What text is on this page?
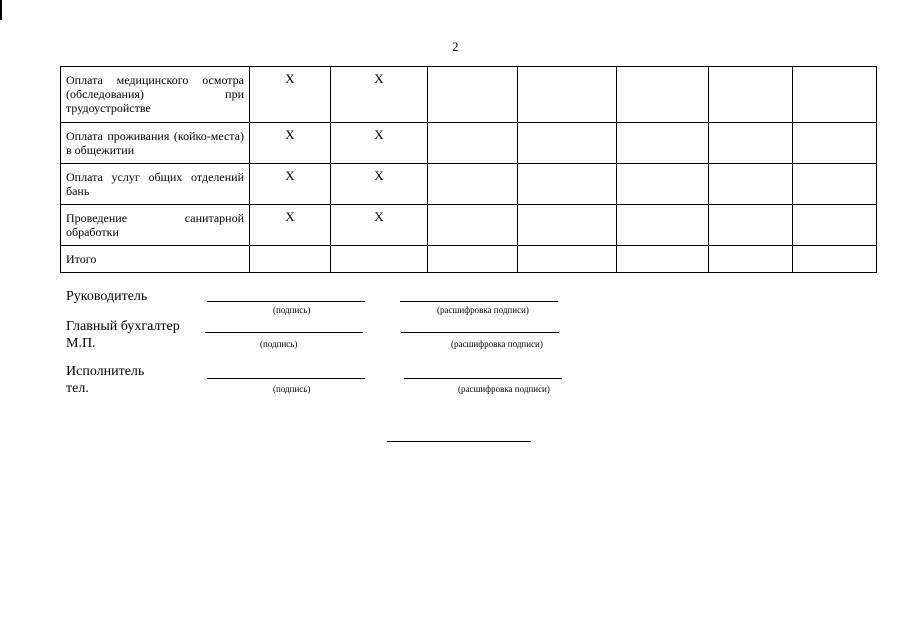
2
Оплата медицинского осмотра (обследования) при трудоустройстве	Х	Х					
Оплата проживания (койко-места) в общежитии	Х	Х					
Оплата услуг общих отделений бань	Х	Х					
Проведение санитарной обработки	Х	Х					
Итого							
Руководитель
(подпись)	(расшифровка подписи)
Главный бухгалтер
М.П.	(подпись)	(расшифровка подписи)
Исполнитель
тел.	(подпись)	(расшифровка подписи)
